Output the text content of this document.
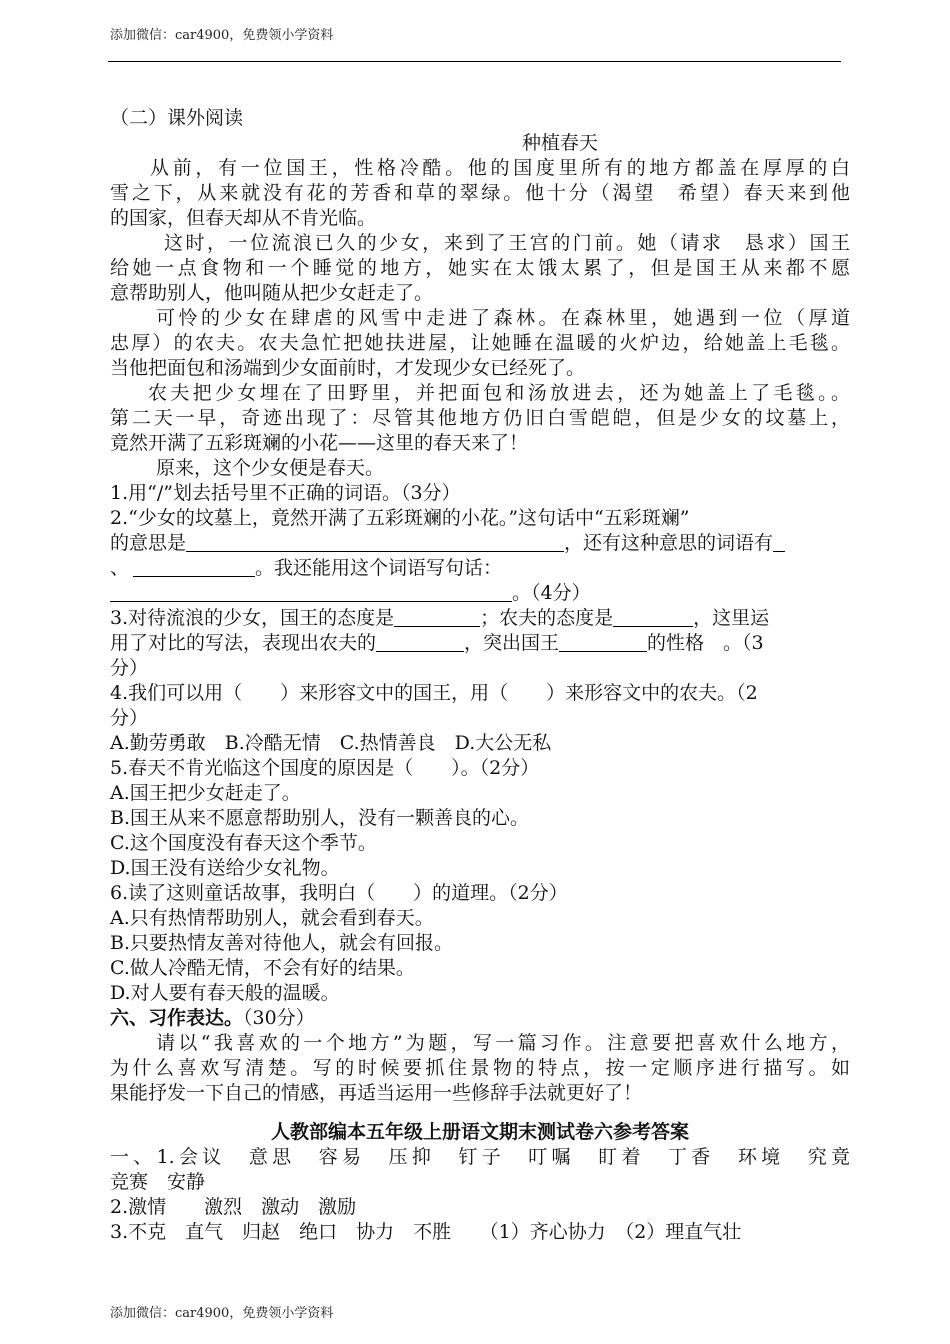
添加微信：car4900，免费领小学资料
（二）课外阅读
种植春天
从前，有一位国王，性格冷酷。他的国度里所有的地方都盖在厚厚的白
雪之下，从来就没有花的芳香和草的翠绿。他十分（渴望　希望）春天来到他
的国家，但春天却从不肯光临。
这时，一位流浪已久的少女，来到了王宫的门前。她（请求　恳求）国王
给她一点食物和一个睡觉的地方，她实在太饿太累了，但是国王从来都不愿
意帮助别人，他叫随从把少女赶走了。
可怜的少女在肆虐的风雪中走进了森林。在森林里，她遇到一位（厚道
忠厚）的农夫。农夫急忙把她扶进屋，让她睡在温暖的火炉边，给她盖上毛毯。
当他把面包和汤端到少女面前时，才发现少女已经死了。
农夫把少女埋在了田野里，并把面包和汤放进去，还为她盖上了毛毯。。
第二天一早，奇迹出现了：尽管其他地方仍旧白雪皑皑，但是少女的坟墓上，
竟然开满了五彩斑斓的小花——这里的春天来了！
原来，这个少女便是春天。
1.用“/”划去括号里不正确的词语。（3分）
2.“少女的坟墓上，竟然开满了五彩斑斓的小花。”这句话中“五彩斑斓”
的意思是	，还有这种意思的词语有
、	。我还能用这个词语写句话：
。（4分）
3.对待流浪的少女，国王的态度是	；农夫的态度是	，这里运
用了对比的写法，表现出农夫的	，突出国王	的性格　。（3
分）
4.我们可以用（　　）来形容文中的国王，用（　　）来形容文中的农夫。（2
分）
A.勤劳勇敢　B.冷酷无情　C.热情善良　D.大公无私
5.春天不肯光临这个国度的原因是（　　）。（2分）
A.国王把少女赶走了。
B.国王从来不愿意帮助别人，没有一颗善良的心。
C.这个国度没有春天这个季节。
D.国王没有送给少女礼物。
6.读了这则童话故事，我明白（　　）的道理。（2分）
A.只有热情帮助别人，就会看到春天。
B.只要热情友善对待他人，就会有回报。
C.做人冷酷无情，不会有好的结果。
D.对人要有春天般的温暖。
六、习作表达。（30分）
请以“我喜欢的一个地方”为题，写一篇习作。注意要把喜欢什么地方，
为什么喜欢写清楚。写的时候要抓住景物的特点，按一定顺序进行描写。如
果能抒发一下自己的情感，再适当运用一些修辞手法就更好了！
人教部编本五年级上册语文期末测试卷六参考答案
一、1.会议　意思　容易　压抑　钉子　叮嘱　盯着　丁香　环境　究竟
竞赛　安静
2.激情　　激烈　激动　激励
3.不克　直气　归赵　绝口　协力　不胜　　（1）齐心协力　（2）理直气壮
添加微信：car4900，免费领小学资料
